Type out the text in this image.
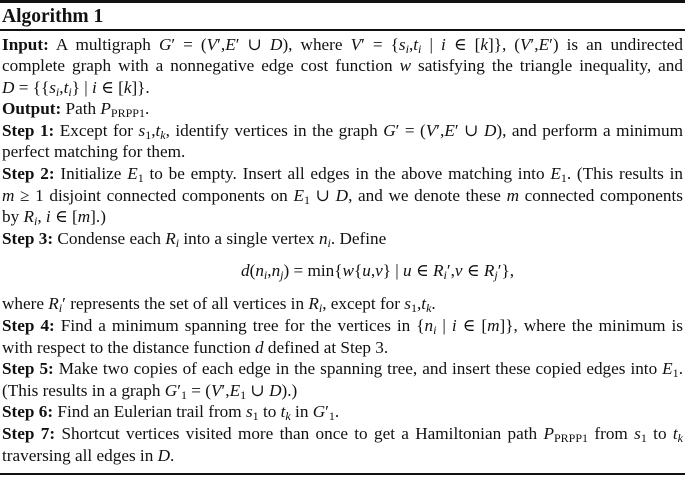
Algorithm 1
Input: A multigraph G′ = (V′,E′ ∪ D), where $V' = \{s_i,t_i$ | i ∈ [k]}, (V′,E′) is an undirected
complete graph with a nonnegative edge cost function w satisfying the triangle inequality, and
$D = \{\{s_i,t_i\}$ | i ∈ [k]}.
Output: Path $P_{PRPP1}$.
Step 1: Except for $s_1,t_k$, identify vertices in the graph G′ = (V′,E′ ∪ D), and perform a minimum
perfect matching for them.
Step 2: Initialize $E_1$ to be empty. Insert all edges in the above matching into $E_1$. (This results in
m ≥ 1 disjoint connected components on $E_1$ ∪ D, and we denote these m connected components
by $R_i$, i ∈ [m].)
Step 3: Condense each $R_i$ into a single vertex $n_i$. Define
$d(n_i,n_j) = \min\{w\{u,v\}$ | u ∈ $R_i',v$ ∈ $R_j'$},
where $R_i'$ represents the set of all vertices in $R_i$, except for $s_1,t_k$.
Step 4: Find a minimum spanning tree for the vertices in {$n_i$ | i ∈ [m]}, where the minimum is
with respect to the distance function d defined at Step 3.
Step 5: Make two copies of each edge in the spanning tree, and insert these copied edges into $E_1$.
(This results in a graph $G'_1 = (V',E_1$ ∪ D).)
Step 6: Find an Eulerian trail from $s_1$ to $t_k$ in $G'_1$.
Step 7: Shortcut vertices visited more than once to get a Hamiltonian path $P_{PRPP1}$ from $s_1$ to $t_k$
traversing all edges in D.
